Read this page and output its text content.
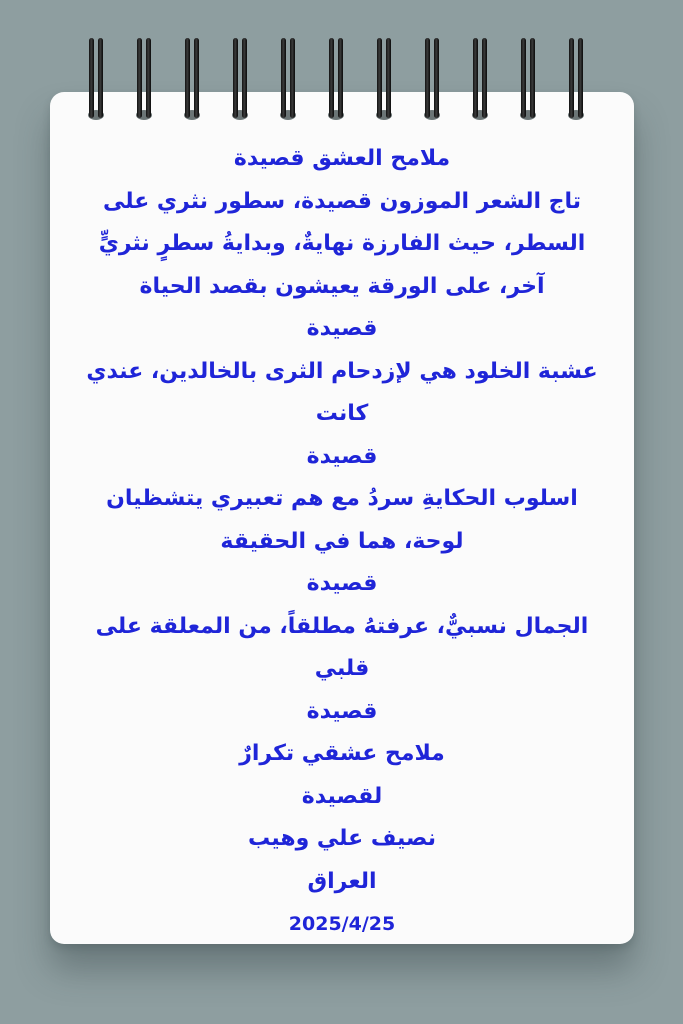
ملامح العشق قصيدة
تاج الشعر الموزون قصيدة، سطور نثري على
السطر، حيث الفارزة نهايةٌ، وبدايةُ سطرٍ نثريٍّ
آخر، على الورقة يعيشون بقصد الحياة
قصيدة
عشبة الخلود هي لإزدحام الثرى بالخالدين، عندي
كانت
قصيدة
اسلوب الحكايةِ سردُ مع هم تعبيري يتشظيان
لوحة، هما في الحقيقة
قصيدة
الجمال نسبيٌّ، عرفتهُ مطلقاً، من المعلقة على
قلبي
قصيدة
ملامح عشقي تكرارٌ
لقصيدة
نصيف علي وهيب
العراق
2025/4/25
